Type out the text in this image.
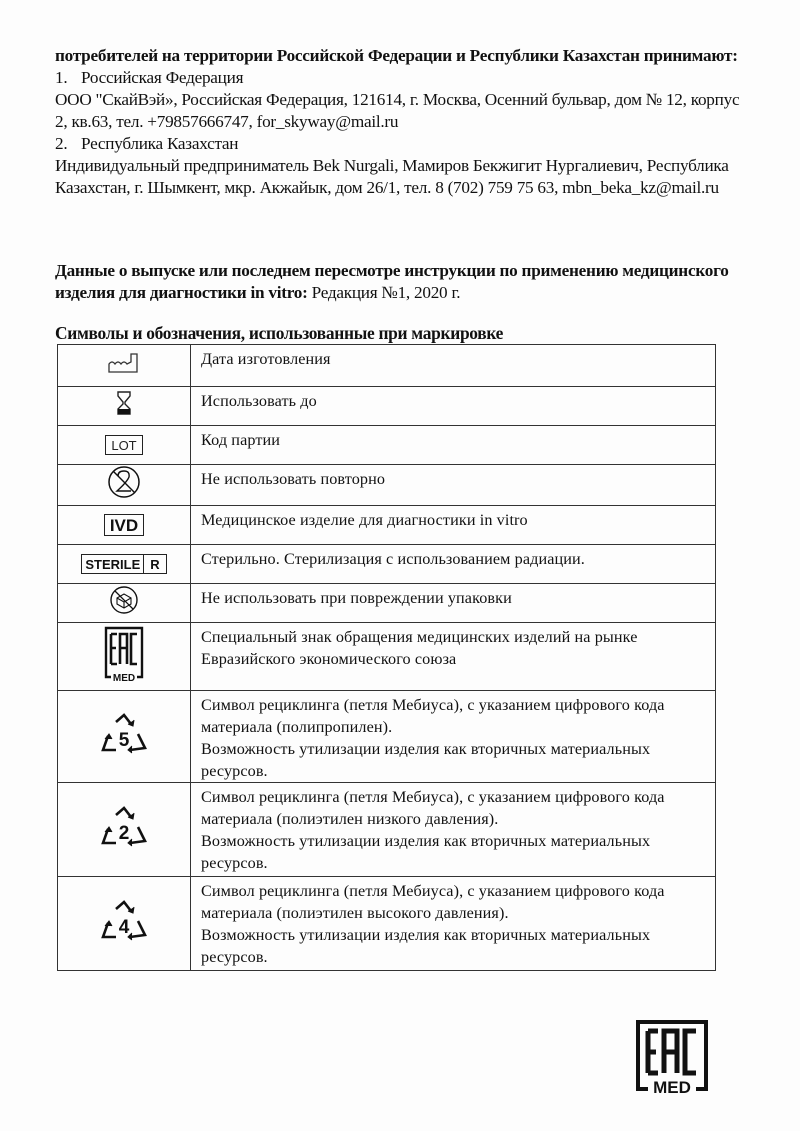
потребителей на территории Российской Федерации и Республики Казахстан принимают:

1. Российская Федерация

ООО "СкайВэй», Российская Федерация, 121614, г. Москва, Осенний бульвар, дом № 12, корпус 2, кв.63, тел. +79857666747, for_skyway@mail.ru

2. Республика Казахстан

Индивидуальный предприниматель Bek Nurgali, Мамиров Бекжигит Нургалиевич, Республика Казахстан, г. Шымкент, мкр. Акжайык, дом 26/1, тел. 8 (702) 759 75 63, mbn_beka_kz@mail.ru

Данные о выпуске или последнем пересмотре инструкции по применению медицинского изделия для диагностики in vitro: Редакция №1, 2020 г.

Символы и обозначения, использованные при маркировке
	Дата изготовления
	Использовать до
LOT	Код партии
	Не использовать повторно
IVD	Медицинское изделие для диагностики in vitro

STERILE R	Стерильно. Стерилизация с использованием радиации.
	Не использовать при повреждении упаковки

MED	Специальный знак обращения медицинских изделий на рынке Евразийского экономического союза

5	Символ рециклинга (петля Мебиуса), с указанием цифрового кода материала (полипропилен).
Возможность утилизации изделия как вторичных материальных ресурсов.

2	Символ рециклинга (петля Мебиуса), с указанием цифрового кода материала (полиэтилен низкого давления).
Возможность утилизации изделия как вторичных материальных ресурсов.

4	Символ рециклинга (петля Мебиуса), с указанием цифрового кода материала (полиэтилен высокого давления).
Возможность утилизации изделия как вторичных материальных ресурсов.
MED
